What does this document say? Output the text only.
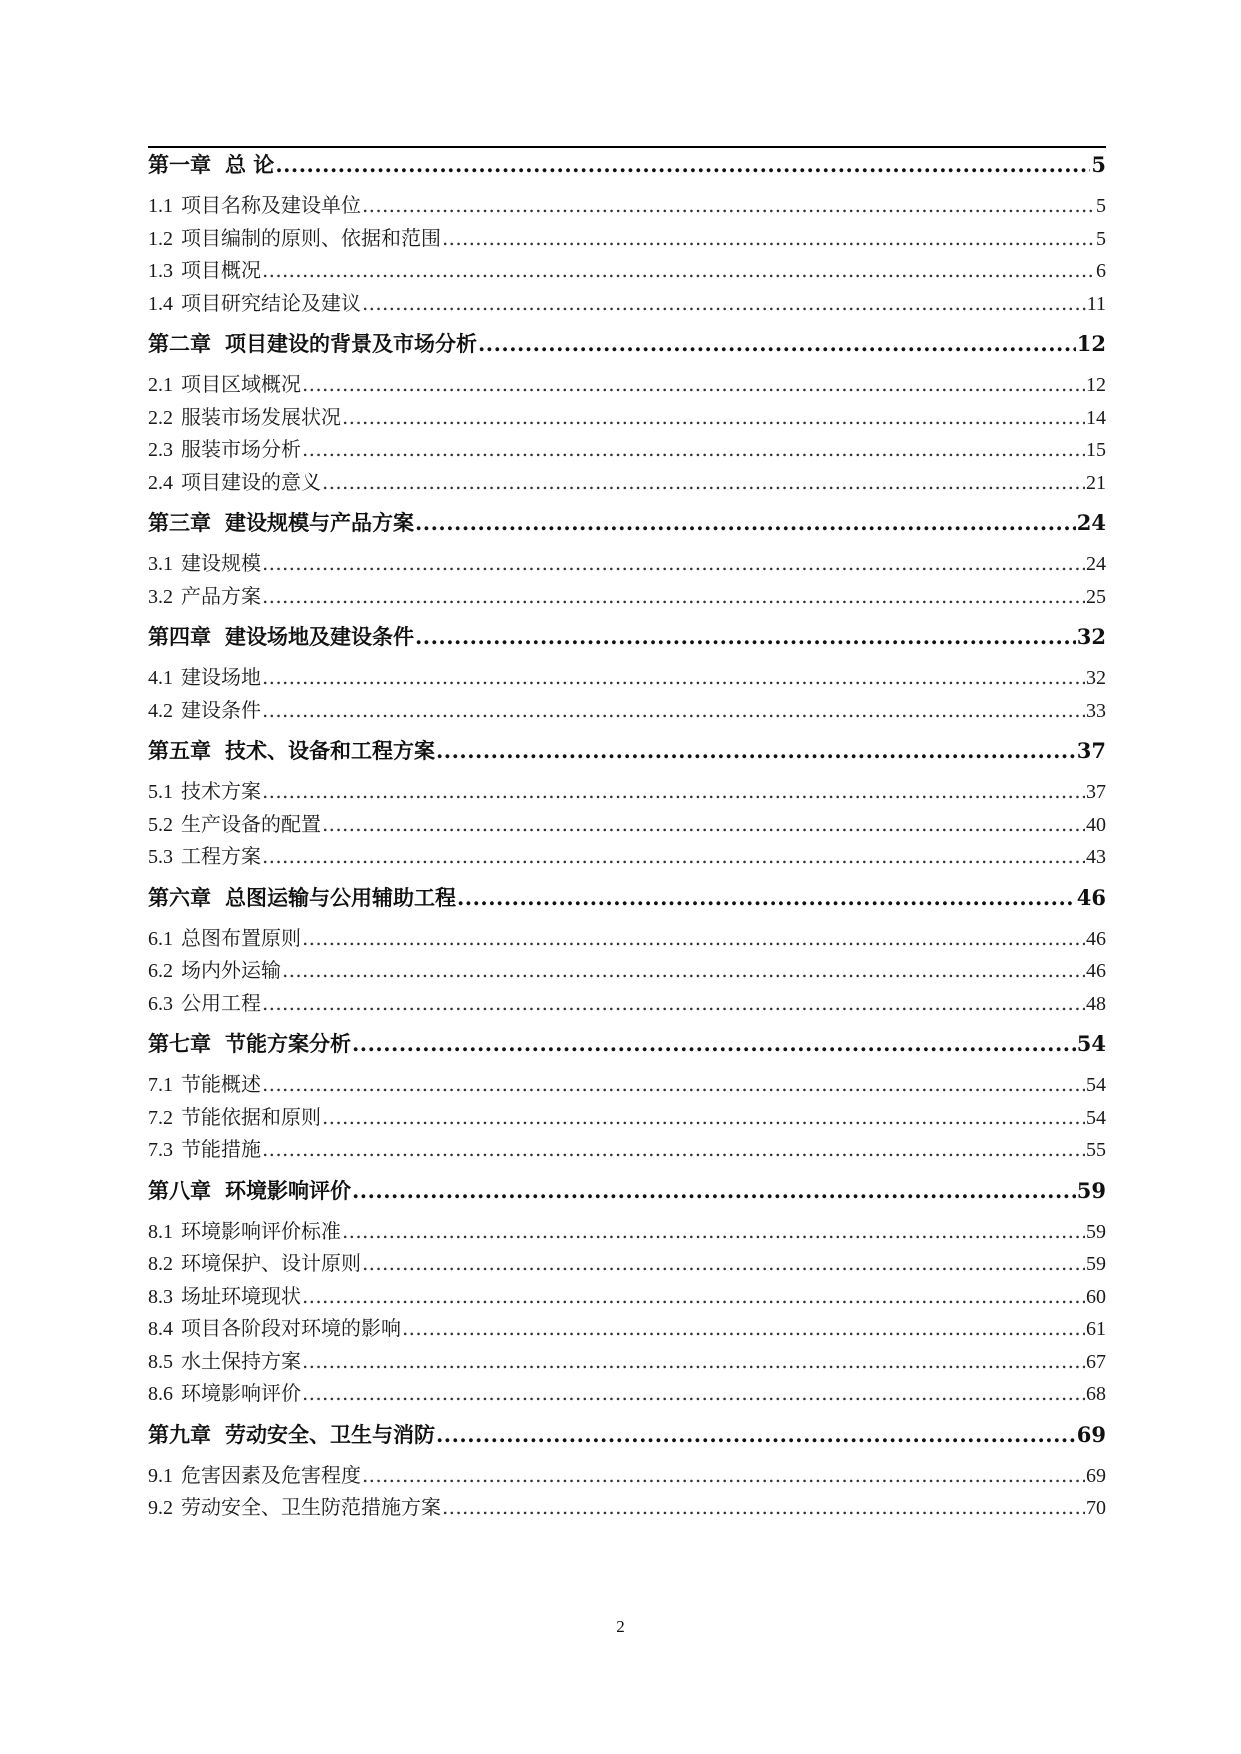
第一章 总 论 .....	5
1.1 项目名称及建设单位 .....	5
1.2 项目编制的原则、依据和范围 .....	5
1.3 项目概况 .....	6
1.4 项目研究结论及建议 .....	11
第二章 项目建设的背景及市场分析 .....	12
2.1 项目区域概况 .....	12
2.2 服装市场发展状况 .....	14
2.3 服装市场分析 .....	15
2.4 项目建设的意义 .....	21
第三章 建设规模与产品方案 .....	24
3.1 建设规模 .....	24
3.2 产品方案 .....	25
第四章 建设场地及建设条件 .....	32
4.1 建设场地 .....	32
4.2 建设条件 .....	33
第五章 技术、设备和工程方案 .....	37
5.1 技术方案 .....	37
5.2 生产设备的配置 .....	40
5.3 工程方案 .....	43
第六章 总图运输与公用辅助工程 .....	46
6.1 总图布置原则 .....	46
6.2 场内外运输 .....	46
6.3 公用工程 .....	48
第七章 节能方案分析 .....	54
7.1 节能概述 .....	54
7.2 节能依据和原则 .....	54
7.3 节能措施 .....	55
第八章 环境影响评价 .....	59
8.1 环境影响评价标准 .....	59
8.2 环境保护、设计原则 .....	59
8.3 场址环境现状 .....	60
8.4 项目各阶段对环境的影响 .....	61
8.5 水土保持方案 .....	67
8.6 环境影响评价 .....	68
第九章 劳动安全、卫生与消防 .....	69
9.1 危害因素及危害程度 .....	69
9.2 劳动安全、卫生防范措施方案 .....	70
2
